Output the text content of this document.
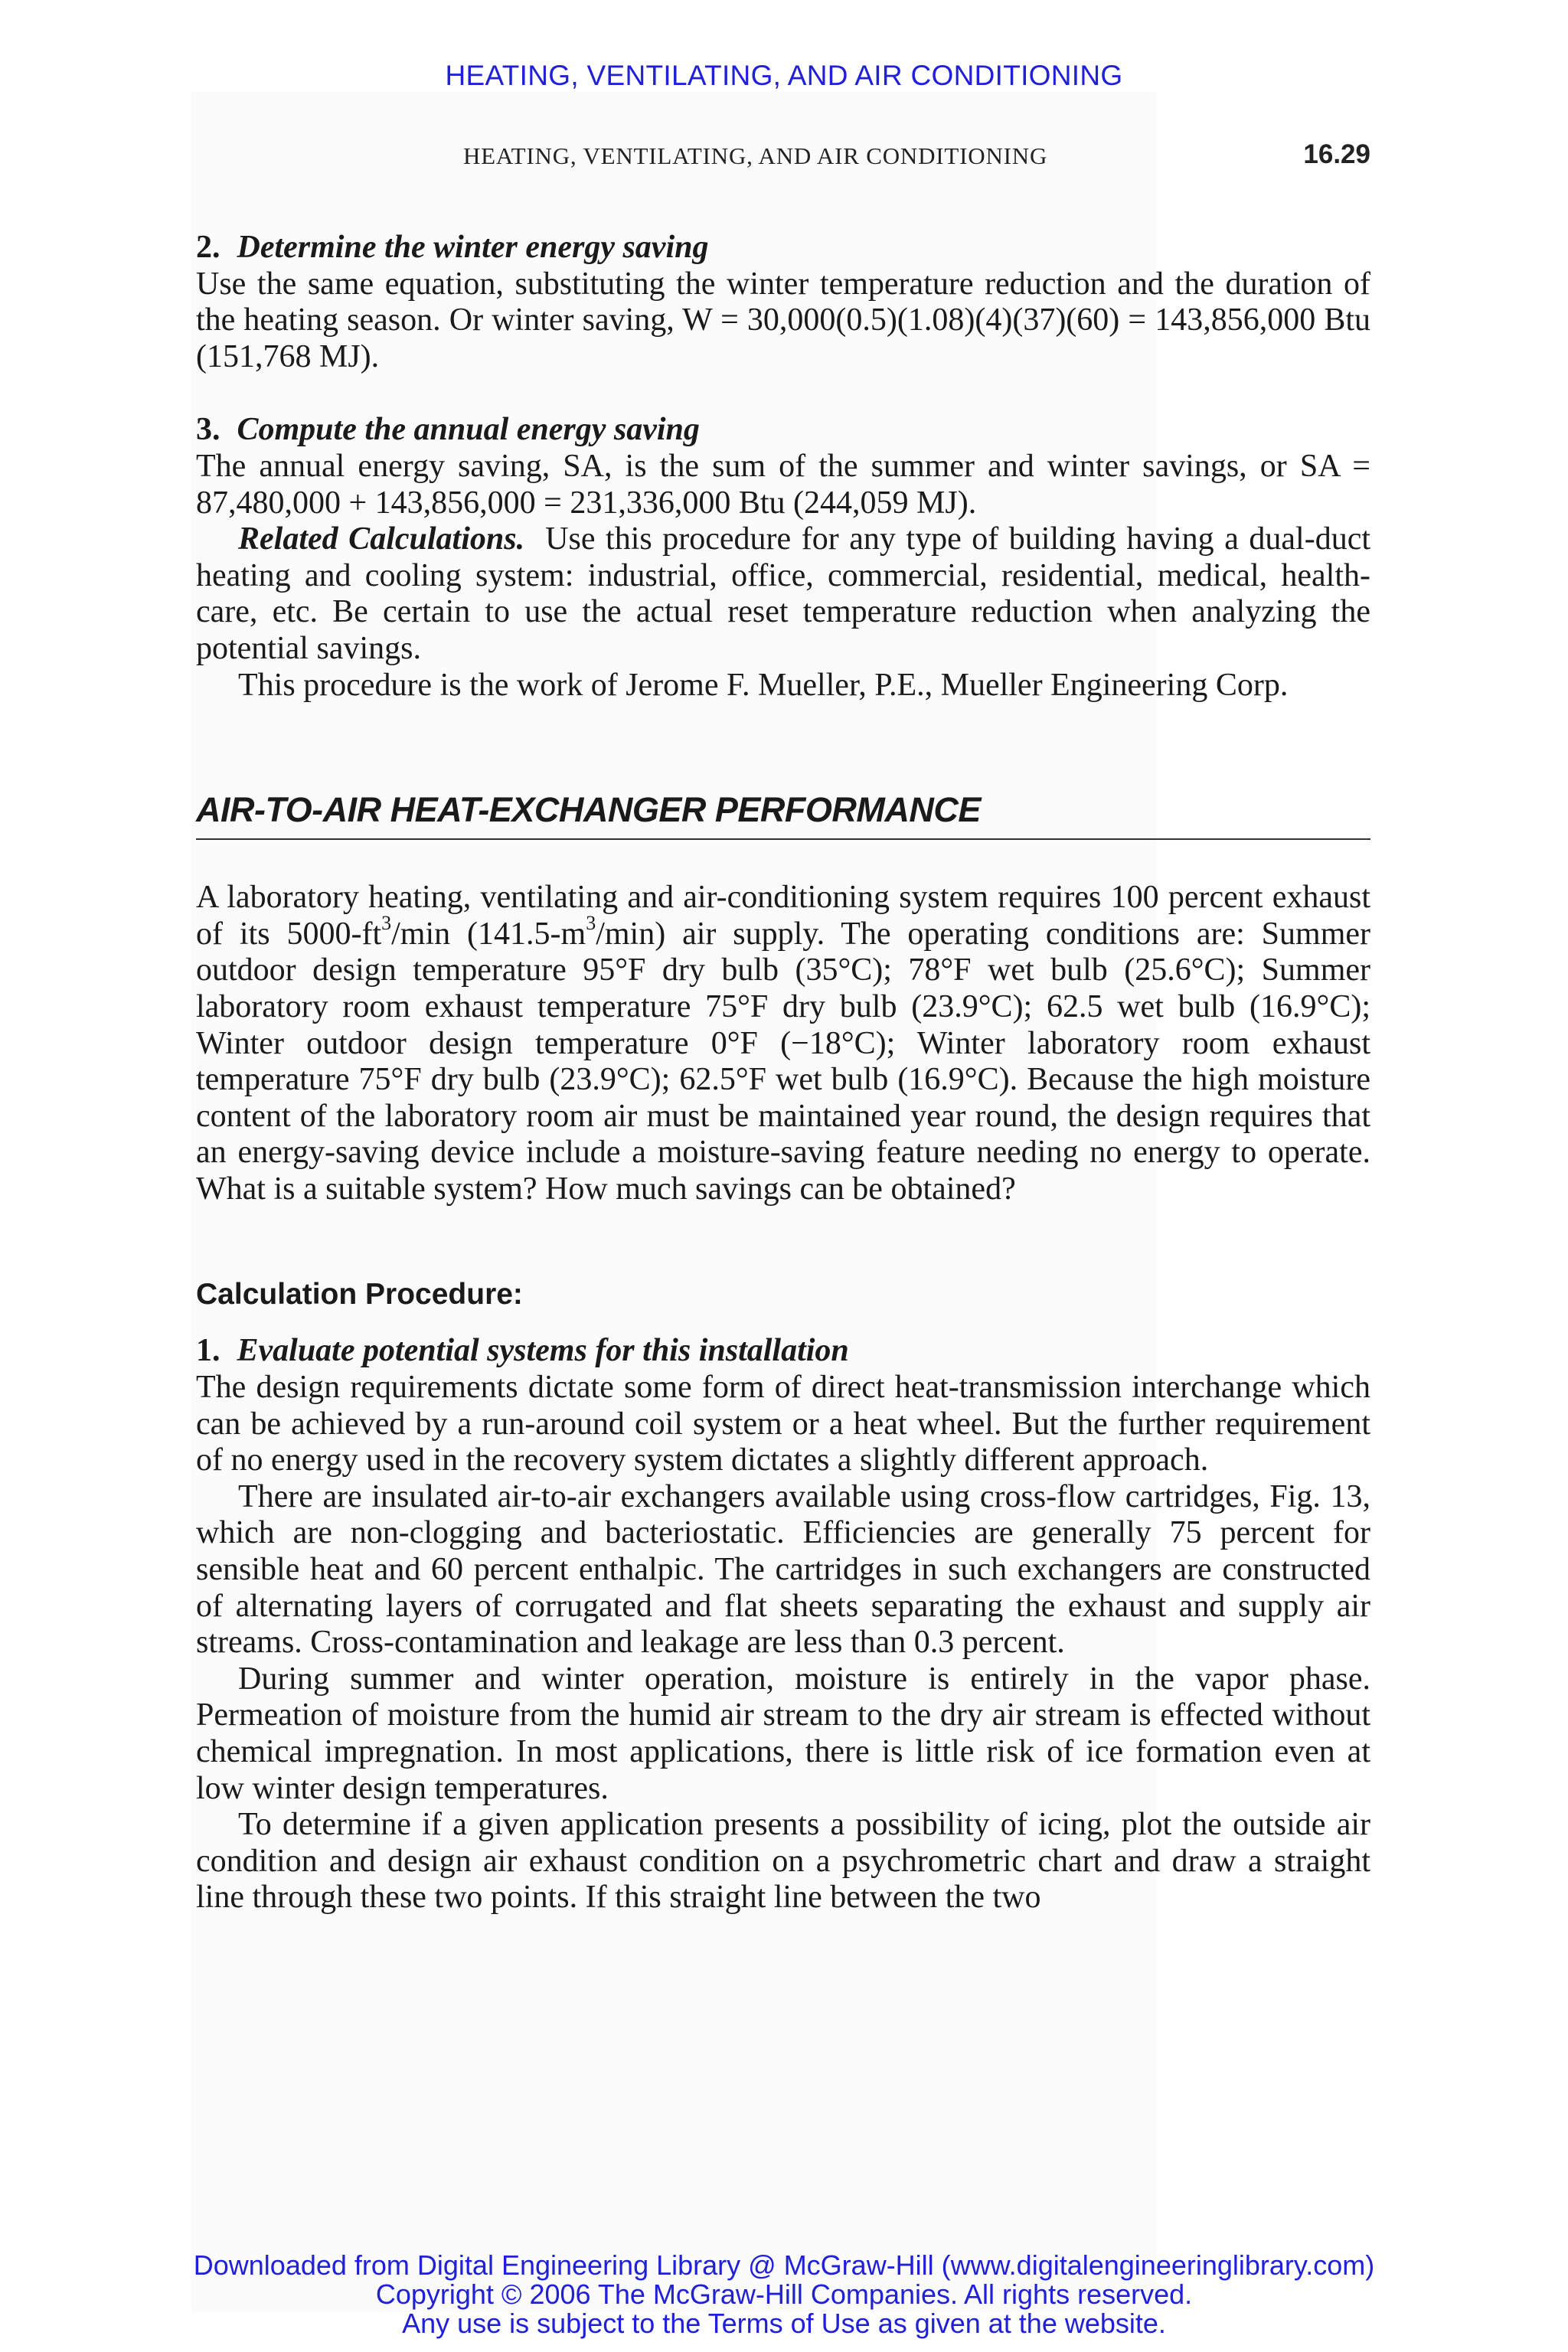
HEATING, VENTILATING, AND AIR CONDITIONING
HEATING, VENTILATING, AND AIR CONDITIONING	16.29

2. Determine the winter energy saving

Use the same equation, substituting the winter temperature reduction and the duration of the heating season. Or winter saving, W = 30,000(0.5)(1.08)(4)(37)(60) = 143,856,000 Btu (151,768 MJ).

3. Compute the annual energy saving

The annual energy saving, SA, is the sum of the summer and winter savings, or SA = 87,480,000 + 143,856,000 = 231,336,000 Btu (244,059 MJ).

Related Calculations. Use this procedure for any type of building having a dual-duct heating and cooling system: industrial, office, commercial, residential, medical, health-care, etc. Be certain to use the actual reset temperature reduction when analyzing the potential savings.

This procedure is the work of Jerome F. Mueller, P.E., Mueller Engineering Corp.

AIR-TO-AIR HEAT-EXCHANGER PERFORMANCE

A laboratory heating, ventilating and air-conditioning system requires 100 percent exhaust of its $5000-ft^3/\min$ $(141.5-m^3/\min)$ air supply. The operating conditions are: Summer outdoor design temperature 95°F dry bulb (35°C); 78°F wet bulb (25.6°C); Summer laboratory room exhaust temperature 75°F dry bulb (23.9°C); 62.5 wet bulb (16.9°C); Winter outdoor design temperature 0°F (−18°C); Winter laboratory room exhaust temperature 75°F dry bulb (23.9°C); 62.5°F wet bulb (16.9°C). Because the high moisture content of the laboratory room air must be maintained year round, the design requires that an energy-saving device include a moisture-saving feature needing no energy to operate. What is a suitable system? How much savings can be obtained?

Calculation Procedure:

1. Evaluate potential systems for this installation

The design requirements dictate some form of direct heat-transmission interchange which can be achieved by a run-around coil system or a heat wheel. But the further requirement of no energy used in the recovery system dictates a slightly different approach.

There are insulated air-to-air exchangers available using cross-flow cartridges, Fig. 13, which are non-clogging and bacteriostatic. Efficiencies are generally 75 percent for sensible heat and 60 percent enthalpic. The cartridges in such exchangers are constructed of alternating layers of corrugated and flat sheets separating the exhaust and supply air streams. Cross-contamination and leakage are less than 0.3 percent.

During summer and winter operation, moisture is entirely in the vapor phase. Permeation of moisture from the humid air stream to the dry air stream is effected without chemical impregnation. In most applications, there is little risk of ice formation even at low winter design temperatures.

To determine if a given application presents a possibility of icing, plot the outside air condition and design air exhaust condition on a psychrometric chart and draw a straight line through these two points. If this straight line between the two

Downloaded from Digital Engineering Library @ McGraw-Hill (www.digitalengineeringlibrary.com)
Copyright © 2006 The McGraw-Hill Companies. All rights reserved.
Any use is subject to the Terms of Use as given at the website.
